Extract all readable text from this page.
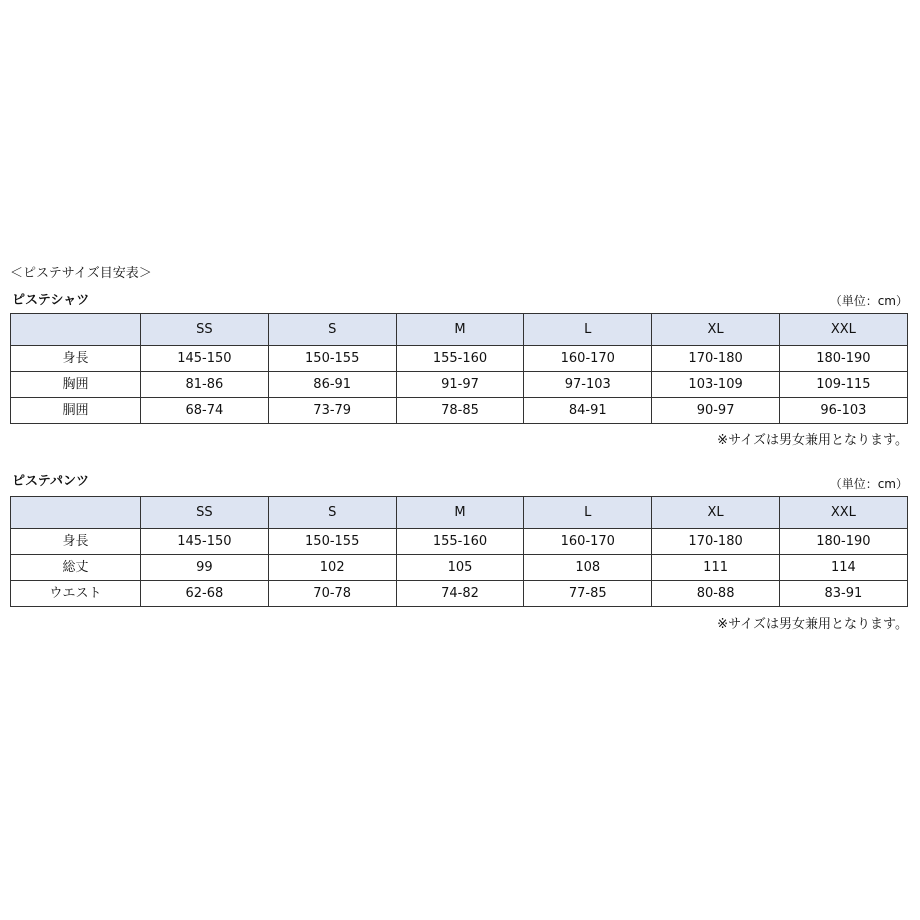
＜ピステサイズ目安表＞
ピステシャツ	（単位：cm）
	SS	S	M	L	XL	XXL
身長	145-150	150-155	155-160	160-170	170-180	180-190
胸囲	81-86	86-91	91-97	97-103	103-109	109-115
胴囲	68-74	73-79	78-85	84-91	90-97	96-103
※サイズは男女兼用となります。
ピステパンツ	（単位：cm）
	SS	S	M	L	XL	XXL
身長	145-150	150-155	155-160	160-170	170-180	180-190
総丈	99	102	105	108	111	114
ウエスト	62-68	70-78	74-82	77-85	80-88	83-91
※サイズは男女兼用となります。
